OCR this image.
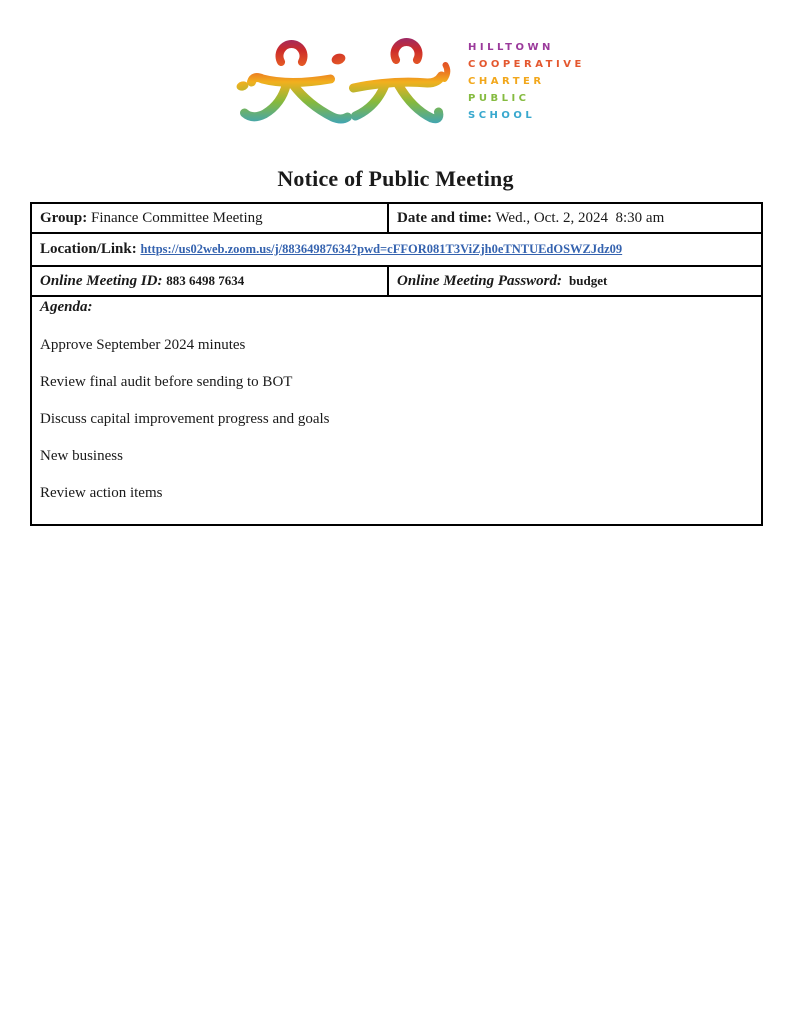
HILLTOWN
COOPERATIVE
CHARTER
PUBLIC
SCHOOL
Notice of Public Meeting
Group: Finance Committee Meeting	Date and time: Wed., Oct. 2, 2024  8:30 am
Location/Link: https://us02web.zoom.us/j/88364987634?pwd=cFFOR081T3ViZjh0eTNTUEdOSWZJdz09	
Online Meeting ID: 883 6498 7634	Online Meeting Password:  budget

Agenda:

Approve September 2024 minutes

Review final audit before sending to BOT

Discuss capital improvement progress and goals

New business

Review action items
